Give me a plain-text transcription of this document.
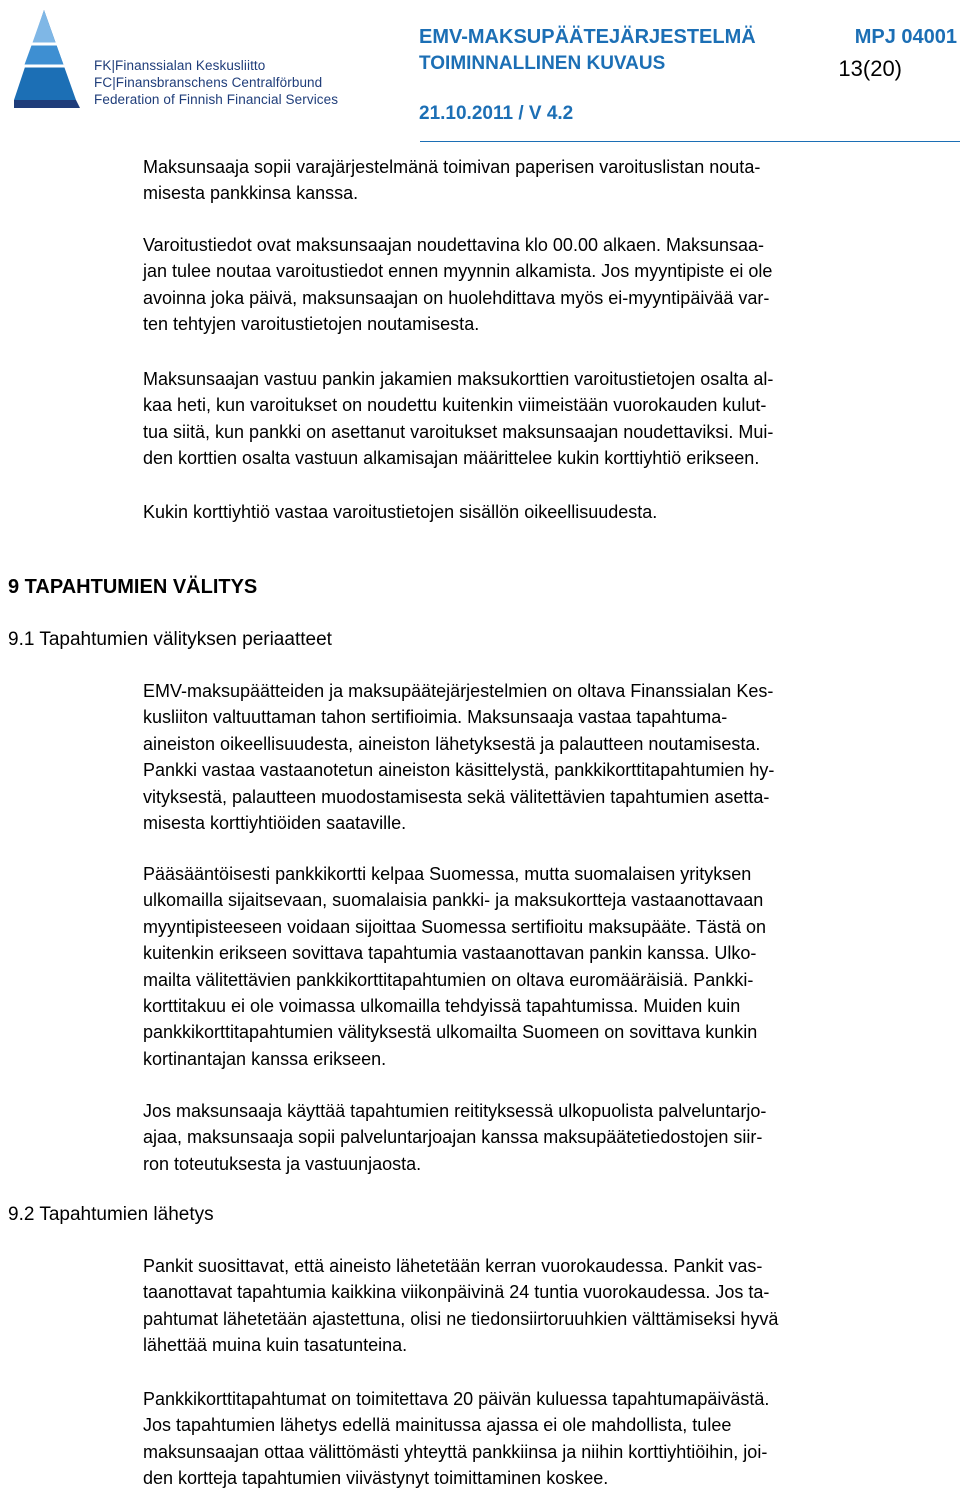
FK|Finanssialan Keskusliitto
FC|Finansbranschens Centralförbund
Federation of Finnish Financial Services
EMV-MAKSUPÄÄTEJÄRJESTELMÄ	MPJ 04001
TOIMINNALLINEN KUVAUS	13(20)
21.10.2011 / V 4.2

Maksunsaaja sopii varajärjestelmänä toimivan paperisen varoituslistan nouta-
misesta pankkinsa kanssa.

Varoitustiedot ovat maksunsaajan noudettavina klo 00.00 alkaen. Maksunsaa-
jan tulee noutaa varoitustiedot ennen myynnin alkamista. Jos myyntipiste ei ole
avoinna joka päivä, maksunsaajan on huolehdittava myös ei-myyntipäivää var-
ten tehtyjen varoitustietojen noutamisesta.

Maksunsaajan vastuu pankin jakamien maksukorttien varoitustietojen osalta al-
kaa heti, kun varoitukset on noudettu kuitenkin viimeistään vuorokauden kulut-
tua siitä, kun pankki on asettanut varoitukset maksunsaajan noudettaviksi. Mui-
den korttien osalta vastuun alkamisajan määrittelee kukin korttiyhtiö erikseen.

Kukin korttiyhtiö vastaa varoitustietojen sisällön oikeellisuudesta.

9 TAPAHTUMIEN VÄLITYS
9.1 Tapahtumien välityksen periaatteet

EMV-maksupäätteiden ja maksupäätejärjestelmien on oltava Finanssialan Kes-
kusliiton valtuuttaman tahon sertifioimia. Maksunsaaja vastaa tapahtuma-
aineiston oikeellisuudesta, aineiston lähetyksestä ja palautteen noutamisesta.
Pankki vastaa vastaanotetun aineiston käsittelystä, pankkikorttitapahtumien hy-
vityksestä, palautteen muodostamisesta sekä välitettävien tapahtumien asetta-
misesta korttiyhtiöiden saataville.

Pääsääntöisesti pankkikortti kelpaa Suomessa, mutta suomalaisen yrityksen
ulkomailla sijaitsevaan, suomalaisia pankki- ja maksukortteja vastaanottavaan
myyntipisteeseen voidaan sijoittaa Suomessa sertifioitu maksupääte. Tästä on
kuitenkin erikseen sovittava tapahtumia vastaanottavan pankin kanssa. Ulko-
mailta välitettävien pankkikorttitapahtumien on oltava euromääräisiä. Pankki-
korttitakuu ei ole voimassa ulkomailla tehdyissä tapahtumissa. Muiden kuin
pankkikorttitapahtumien välityksestä ulkomailta Suomeen on sovittava kunkin
kortinantajan kanssa erikseen.

Jos maksunsaaja käyttää tapahtumien reitityksessä ulkopuolista palveluntarjo-
ajaa, maksunsaaja sopii palveluntarjoajan kanssa maksupäätetiedostojen siir-
ron toteutuksesta ja vastuunjaosta.

9.2 Tapahtumien lähetys

Pankit suosittavat, että aineisto lähetetään kerran vuorokaudessa. Pankit vas-
taanottavat tapahtumia kaikkina viikonpäivinä 24 tuntia vuorokaudessa. Jos ta-
pahtumat lähetetään ajastettuna, olisi ne tiedonsiirtoruuhkien välttämiseksi hyvä
lähettää muina kuin tasatunteina.

Pankkikorttitapahtumat on toimitettava 20 päivän kuluessa tapahtumapäivästä.
Jos tapahtumien lähetys edellä mainitussa ajassa ei ole mahdollista, tulee
maksunsaajan ottaa välittömästi yhteyttä pankkiinsa ja niihin korttiyhtiöihin, joi-
den kortteja tapahtumien viivästynyt toimittaminen koskee.
